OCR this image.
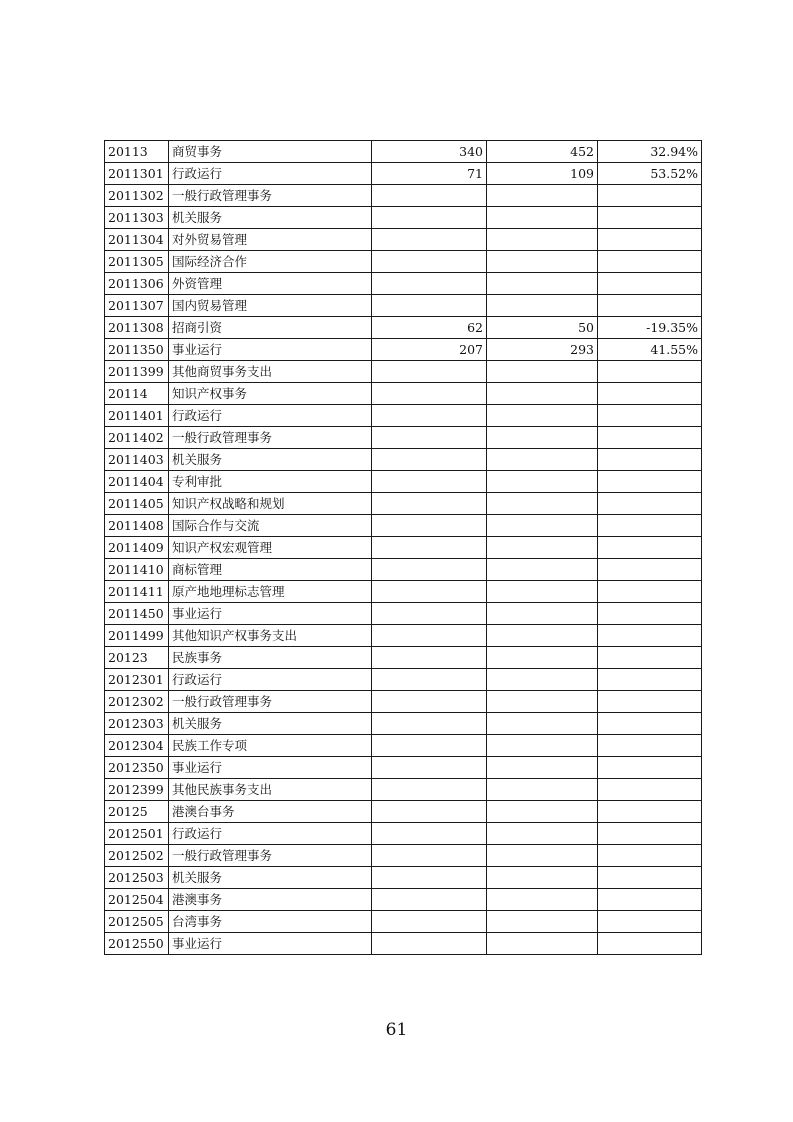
20113	商贸事务	340	452	32.94%
2011301	行政运行	71	109	53.52%
2011302	一般行政管理事务			
2011303	机关服务			
2011304	对外贸易管理			
2011305	国际经济合作			
2011306	外资管理			
2011307	国内贸易管理			
2011308	招商引资	62	50	-19.35%
2011350	事业运行	207	293	41.55%
2011399	其他商贸事务支出			
20114	知识产权事务			
2011401	行政运行			
2011402	一般行政管理事务			
2011403	机关服务			
2011404	专利审批			
2011405	知识产权战略和规划			
2011408	国际合作与交流			
2011409	知识产权宏观管理			
2011410	商标管理			
2011411	原产地地理标志管理			
2011450	事业运行			
2011499	其他知识产权事务支出			
20123	民族事务			
2012301	行政运行			
2012302	一般行政管理事务			
2012303	机关服务			
2012304	民族工作专项			
2012350	事业运行			
2012399	其他民族事务支出			
20125	港澳台事务			
2012501	行政运行			
2012502	一般行政管理事务			
2012503	机关服务			
2012504	港澳事务			
2012505	台湾事务			
2012550	事业运行			
61
